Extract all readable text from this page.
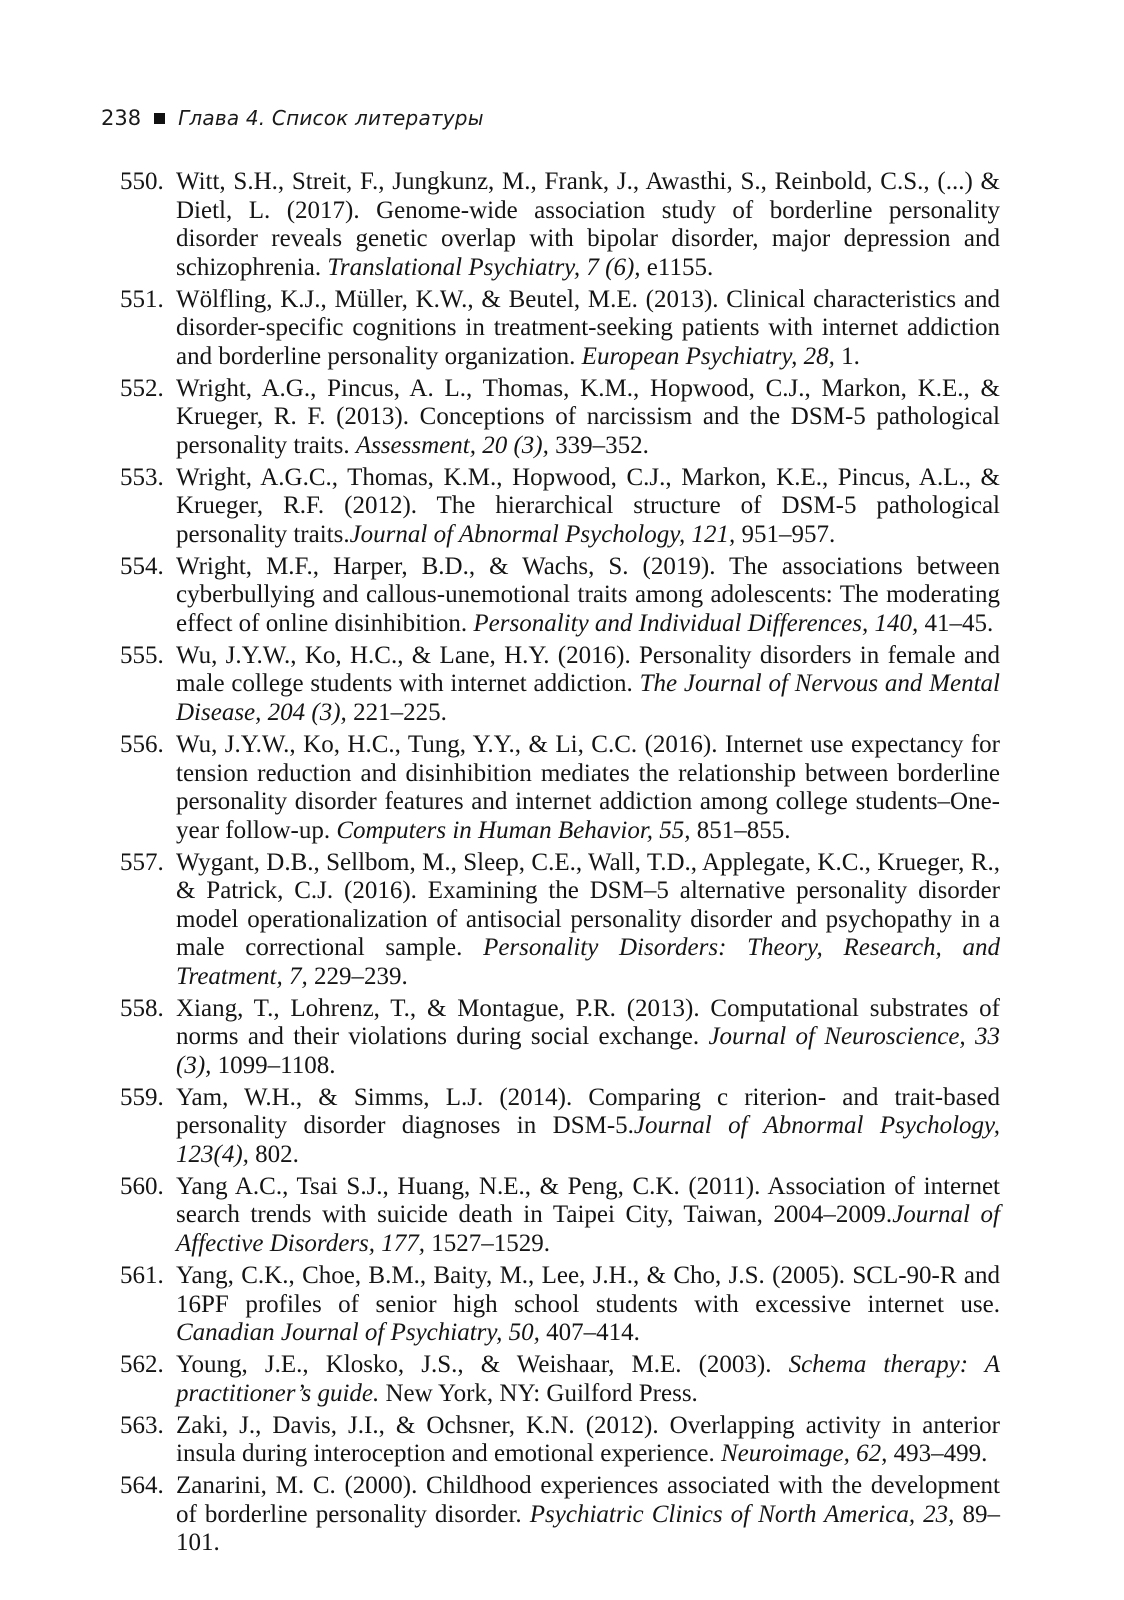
238 Глава 4. Список литературы
550. Witt, S.H., Streit, F., Jungkunz, M., Frank, J., Awasthi, S., Reinbold, C.S., (...) & Dietl, L. (2017). Genome-wide association study of borderline personality disorder reveals genetic overlap with bipolar disorder, major depression and schizophrenia. Translational Psychiatry, 7 (6), e1155.
551. Wölfling, K.J., Müller, K.W., & Beutel, M.E. (2013). Clinical characteristics and disorder-specific cognitions in treatment-seeking patients with internet addiction and borderline personality organization. European Psychiatry, 28, 1.
552. Wright, A.G., Pincus, A. L., Thomas, K.M., Hopwood, C.J., Markon, K.E., & Krueger, R. F. (2013). Conceptions of narcissism and the DSM-5 pathological personality traits. Assessment, 20 (3), 339–352.
553. Wright, A.G.C., Thomas, K.M., Hopwood, C.J., Markon, K.E., Pincus, A.L., & Krueger, R.F. (2012). The hierarchical structure of DSM-5 pathological personality traits.Journal of Abnormal Psychology, 121, 951–957.
554. Wright, M.F., Harper, B.D., & Wachs, S. (2019). The associations between cyberbullying and callous-unemotional traits among adolescents: The moderating effect of online disinhibition. Personality and Individual Differences, 140, 41–45.
555. Wu, J.Y.W., Ko, H.C., & Lane, H.Y. (2016). Personality disorders in female and male college students with internet addiction. The Journal of Nervous and Mental Disease, 204 (3), 221–225.
556. Wu, J.Y.W., Ko, H.C., Tung, Y.Y., & Li, C.C. (2016). Internet use expectancy for tension reduction and disinhibition mediates the relationship between borderline personality disorder features and internet addiction among college students–One-year follow-up. Computers in Human Behavior, 55, 851–855.
557. Wygant, D.B., Sellbom, M., Sleep, C.E., Wall, T.D., Applegate, K.C., Krueger, R., & Patrick, C.J. (2016). Examining the DSM–5 alternative personality disorder model operationalization of antisocial personality disorder and psychopathy in a male correctional sample. Personality Disorders: Theory, Research, and Treatment, 7, 229–239.
558. Xiang, T., Lohrenz, T., & Montague, P.R. (2013). Computational substrates of norms and their violations during social exchange. Journal of Neuroscience, 33 (3), 1099–1108.
559. Yam, W.H., & Simms, L.J. (2014). Comparing c riterion- and trait-based personality disorder diagnoses in DSM-5.Journal of Abnormal Psychology, 123(4), 802.
560. Yang A.C., Tsai S.J., Huang, N.E., & Peng, C.K. (2011). Association of internet search trends with suicide death in Taipei City, Taiwan, 2004–2009.Journal of Affective Disorders, 177, 1527–1529.
561. Yang, C.K., Choe, B.M., Baity, M., Lee, J.H., & Cho, J.S. (2005). SCL-90-R and 16PF profiles of senior high school students with excessive internet use. Canadian Journal of Psychiatry, 50, 407–414.
562. Young, J.E., Klosko, J.S., & Weishaar, M.E. (2003). Schema therapy: A practitioner’s guide. New York, NY: Guilford Press.
563. Zaki, J., Davis, J.I., & Ochsner, K.N. (2012). Overlapping activity in anterior insula during interoception and emotional experience. Neuroimage, 62, 493–499.
564. Zanarini, M. C. (2000). Childhood experiences associated with the development of borderline personality disorder. Psychiatric Clinics of North America, 23, 89–101.
